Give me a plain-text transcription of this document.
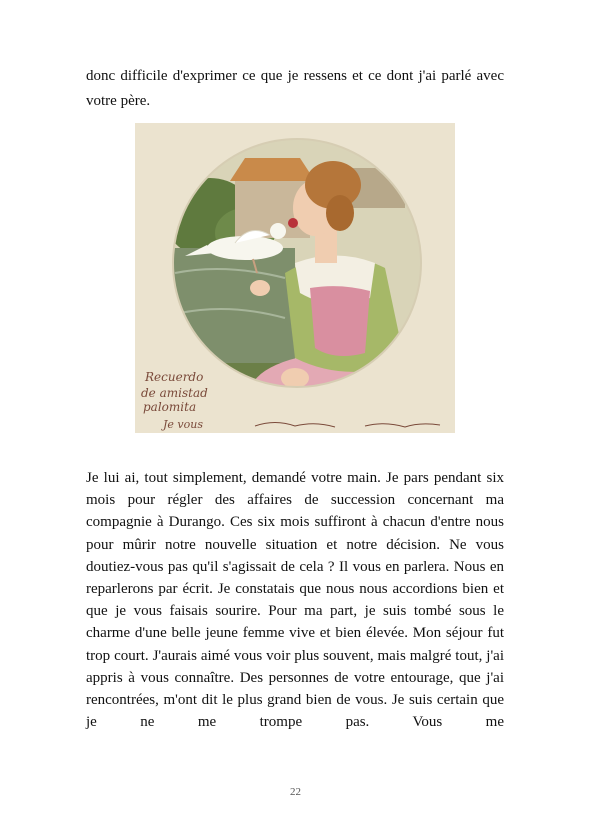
donc difficile d'exprimer ce que je ressens et ce dont j'ai parlé avec votre père.

Recuerdo
de amistad
palomita
Je vous

Je lui ai, tout simplement, demandé votre main. Je pars pendant six mois pour régler des affaires de succession concernant ma compagnie à Durango. Ces six mois suffiront à chacun d'entre nous pour mûrir notre nouvelle situation et notre décision. Ne vous doutiez-vous pas qu'il s'agissait de cela ? Il vous en parlera. Nous en reparlerons par écrit. Je constatais que nous nous accordions bien et que je vous faisais sourire. Pour ma part, je suis tombé sous le charme d'une belle jeune femme vive et bien élevée. Mon séjour fut trop court. J'aurais aimé vous voir plus souvent, mais malgré tout, j'ai appris à vous connaître. Des personnes de votre entourage, que j'ai rencontrées, m'ont dit le plus grand bien de vous. Je suis certain que je ne me trompe pas. Vous me

22
